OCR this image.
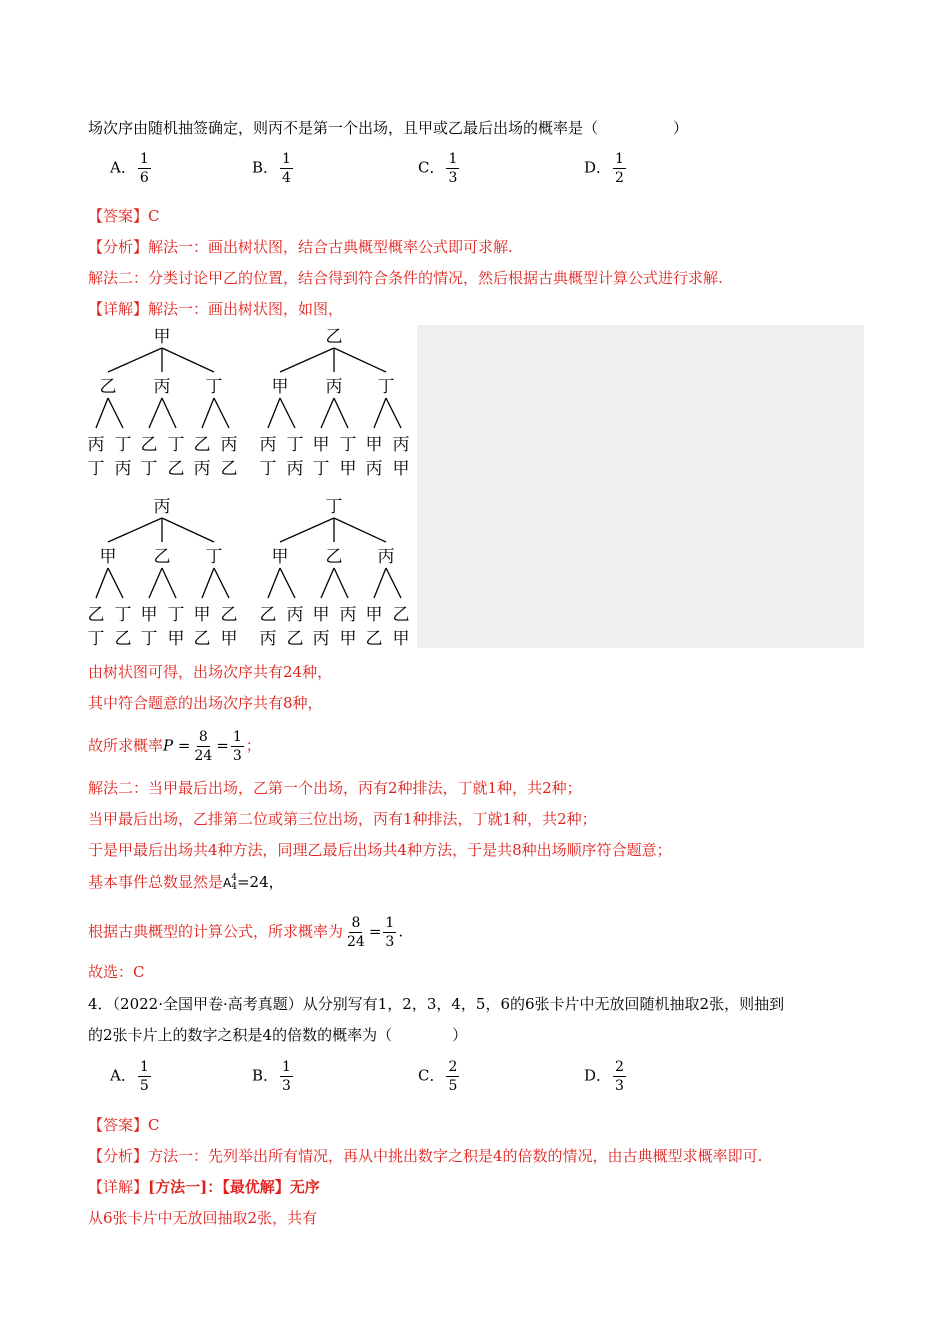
场次序由随机抽签确定，则丙不是第一个出场，且甲或乙最后出场的概率是（　　　　　）
A． $\frac{1}{6}$	B． $\frac{1}{4}$	C． $\frac{1}{3}$	D． $\frac{1}{2}$
【答案】C
【分析】解法一：画出树状图，结合古典概型概率公式即可求解.
解法二：分类讨论甲乙的位置，结合得到符合条件的情况，然后根据古典概型计算公式进行求解.
【详解】解法一：画出树状图，如图，
甲
乙 丙 丁
丙
丁
丁
丙
乙
丁
丁
乙
乙
丙
丙
乙
乙
甲 丙 丁
丙
丁
丁
丙
甲
丁
丁
甲
甲
丙
丙
甲
丙
甲 乙 丁
乙
丁
丁
乙
甲
丁
丁
甲
甲
乙
乙
甲
丁
甲 乙 丙
乙
丙
丙
乙
甲
丙
丙
甲
甲
乙
乙
甲
由树状图可得，出场次序共有24种，
其中符合题意的出场次序共有8种，
故所求概率$P = \frac{8}{24} = \frac{1}{3}$ ；
解法二：当甲最后出场，乙第一个出场，丙有2种排法，丁就1种，共2种；
当甲最后出场，乙排第二位或第三位出场，丙有1种排法，丁就1种，共2种；
于是甲最后出场共4种方法，同理乙最后出场共4种方法，于是共8种出场顺序符合题意；
基本事件总数显然是A 4
4 =24，
根据古典概型的计算公式，所求概率为 $\frac{8}{24} = \frac{1}{3}$ .
故选：C
4．（2022·全国甲卷·高考真题）从分别写有1，2，3，4，5，6的6张卡片中无放回随机抽取2张，则抽到
的2张卡片上的数字之积是4的倍数的概率为（　　　　）
A． $\frac{1}{5}$	B． $\frac{1}{3}$	C． $\frac{2}{5}$	D． $\frac{2}{3}$
【答案】C
【分析】方法一：先列举出所有情况，再从中挑出数字之积是4的倍数的情况，由古典概型求概率即可.
【详解】[方法一]：【最优解】无序
从6张卡片中无放回抽取2张，共有
